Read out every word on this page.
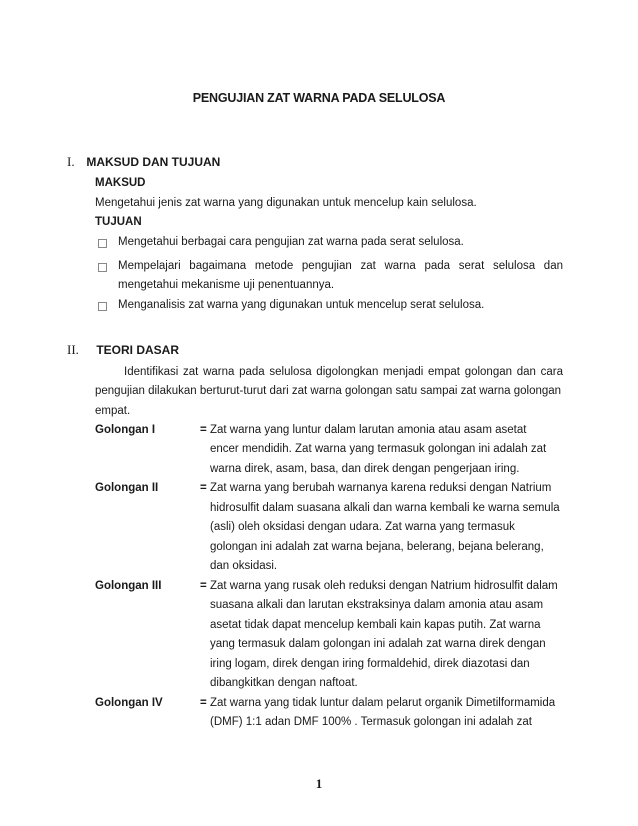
PENGUJIAN ZAT WARNA PADA SELULOSA
I. MAKSUD DAN TUJUAN
MAKSUD
Mengetahui jenis zat warna yang digunakan untuk mencelup kain selulosa.
TUJUAN
Mengetahui berbagai cara pengujian zat warna pada serat selulosa.
Mempelajari bagaimana metode pengujian zat warna pada serat selulosa dan
mengetahui mekanisme uji penentuannya.
Menganalisis zat warna yang digunakan untuk mencelup serat selulosa.
II. TEORI DASAR
Identifikasi zat warna pada selulosa digolongkan menjadi empat golongan dan cara
pengujian dilakukan berturut-turut dari zat warna golongan satu sampai zat warna golongan
empat.
Golongan I	= Zat warna yang luntur dalam larutan amonia atau asam asetat
encer mendidih. Zat warna yang termasuk golongan ini adalah zat
warna direk, asam, basa, dan direk dengan pengerjaan iring.
Golongan II	= Zat warna yang berubah warnanya karena reduksi dengan Natrium
hidrosulfit dalam suasana alkali dan warna kembali ke warna semula
(asli) oleh oksidasi dengan udara. Zat warna yang termasuk
golongan ini adalah zat warna bejana, belerang, bejana belerang,
dan oksidasi.
Golongan III	= Zat warna yang rusak oleh reduksi dengan Natrium hidrosulfit dalam
suasana alkali dan larutan ekstraksinya dalam amonia atau asam
asetat tidak dapat mencelup kembali kain kapas putih. Zat warna
yang termasuk dalam golongan ini adalah zat warna direk dengan
iring logam, direk dengan iring formaldehid, direk diazotasi dan
dibangkitkan dengan naftoat.
Golongan IV	= Zat warna yang tidak luntur dalam pelarut organik Dimetilformamida
(DMF) 1:1 adan DMF 100% . Termasuk golongan ini adalah zat
1
